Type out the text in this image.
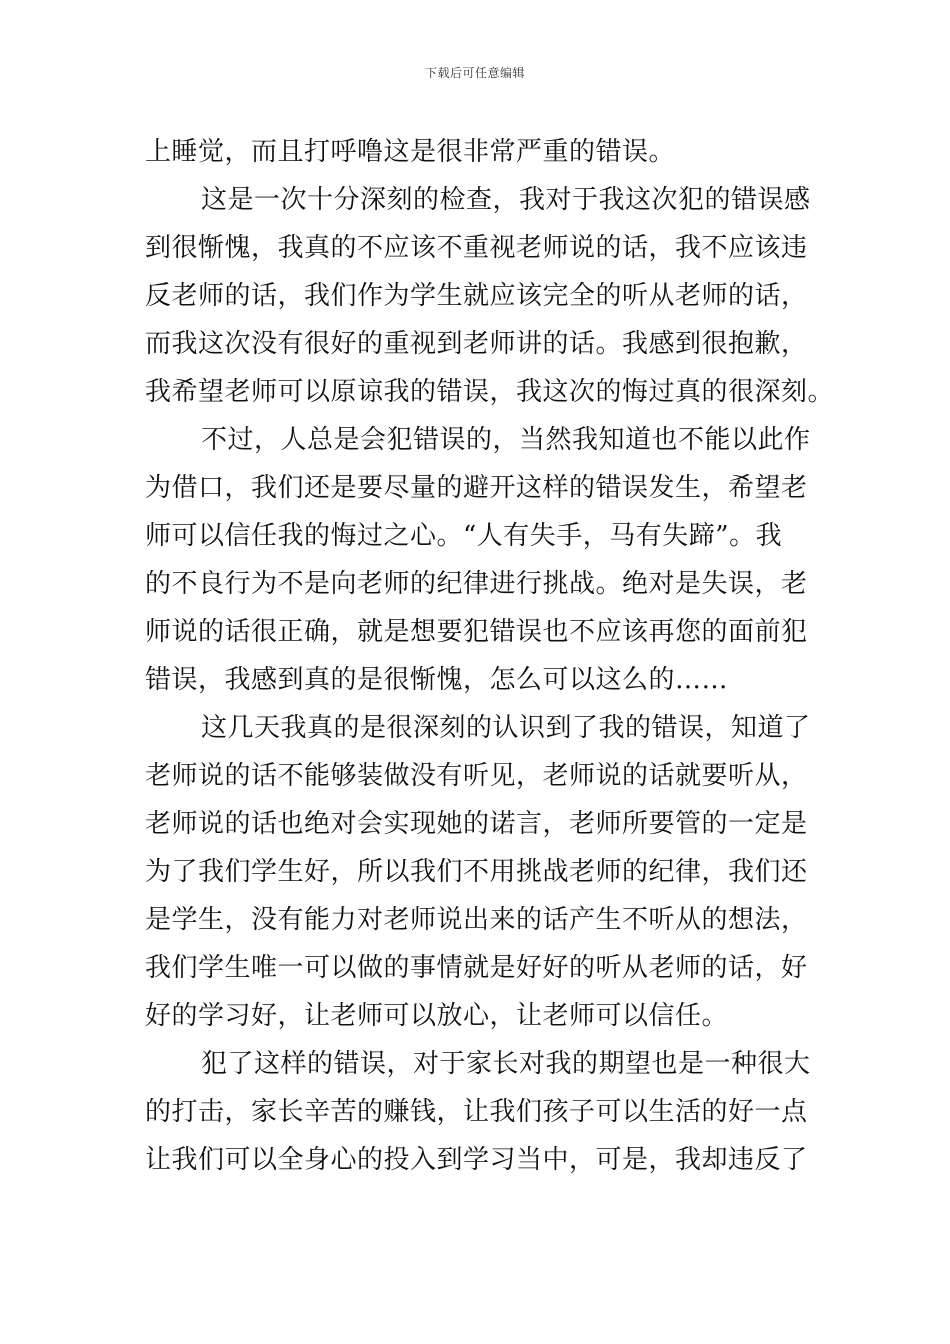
下载后可任意编辑
上睡觉，而且打呼噜这是很非常严重的错误。
这是一次十分深刻的检查，我对于我这次犯的错误感
到很惭愧，我真的不应该不重视老师说的话，我不应该违
反老师的话，我们作为学生就应该完全的听从老师的话，
而我这次没有很好的重视到老师讲的话。我感到很抱歉，
我希望老师可以原谅我的错误，我这次的悔过真的很深刻。
不过，人总是会犯错误的，当然我知道也不能以此作
为借口，我们还是要尽量的避开这样的错误发生，希望老
师可以信任我的悔过之心。“人有失手，马有失蹄”。我
的不良行为不是向老师的纪律进行挑战。绝对是失误，老
师说的话很正确，就是想要犯错误也不应该再您的面前犯
错误，我感到真的是很惭愧，怎么可以这么的……
这几天我真的是很深刻的认识到了我的错误，知道了
老师说的话不能够装做没有听见，老师说的话就要听从，
老师说的话也绝对会实现她的诺言，老师所要管的一定是
为了我们学生好，所以我们不用挑战老师的纪律，我们还
是学生，没有能力对老师说出来的话产生不听从的想法，
我们学生唯一可以做的事情就是好好的听从老师的话，好
好的学习好，让老师可以放心，让老师可以信任。
犯了这样的错误，对于家长对我的期望也是一种很大
的打击，家长辛苦的赚钱，让我们孩子可以生活的好一点
让我们可以全身心的投入到学习当中，可是，我却违反了
